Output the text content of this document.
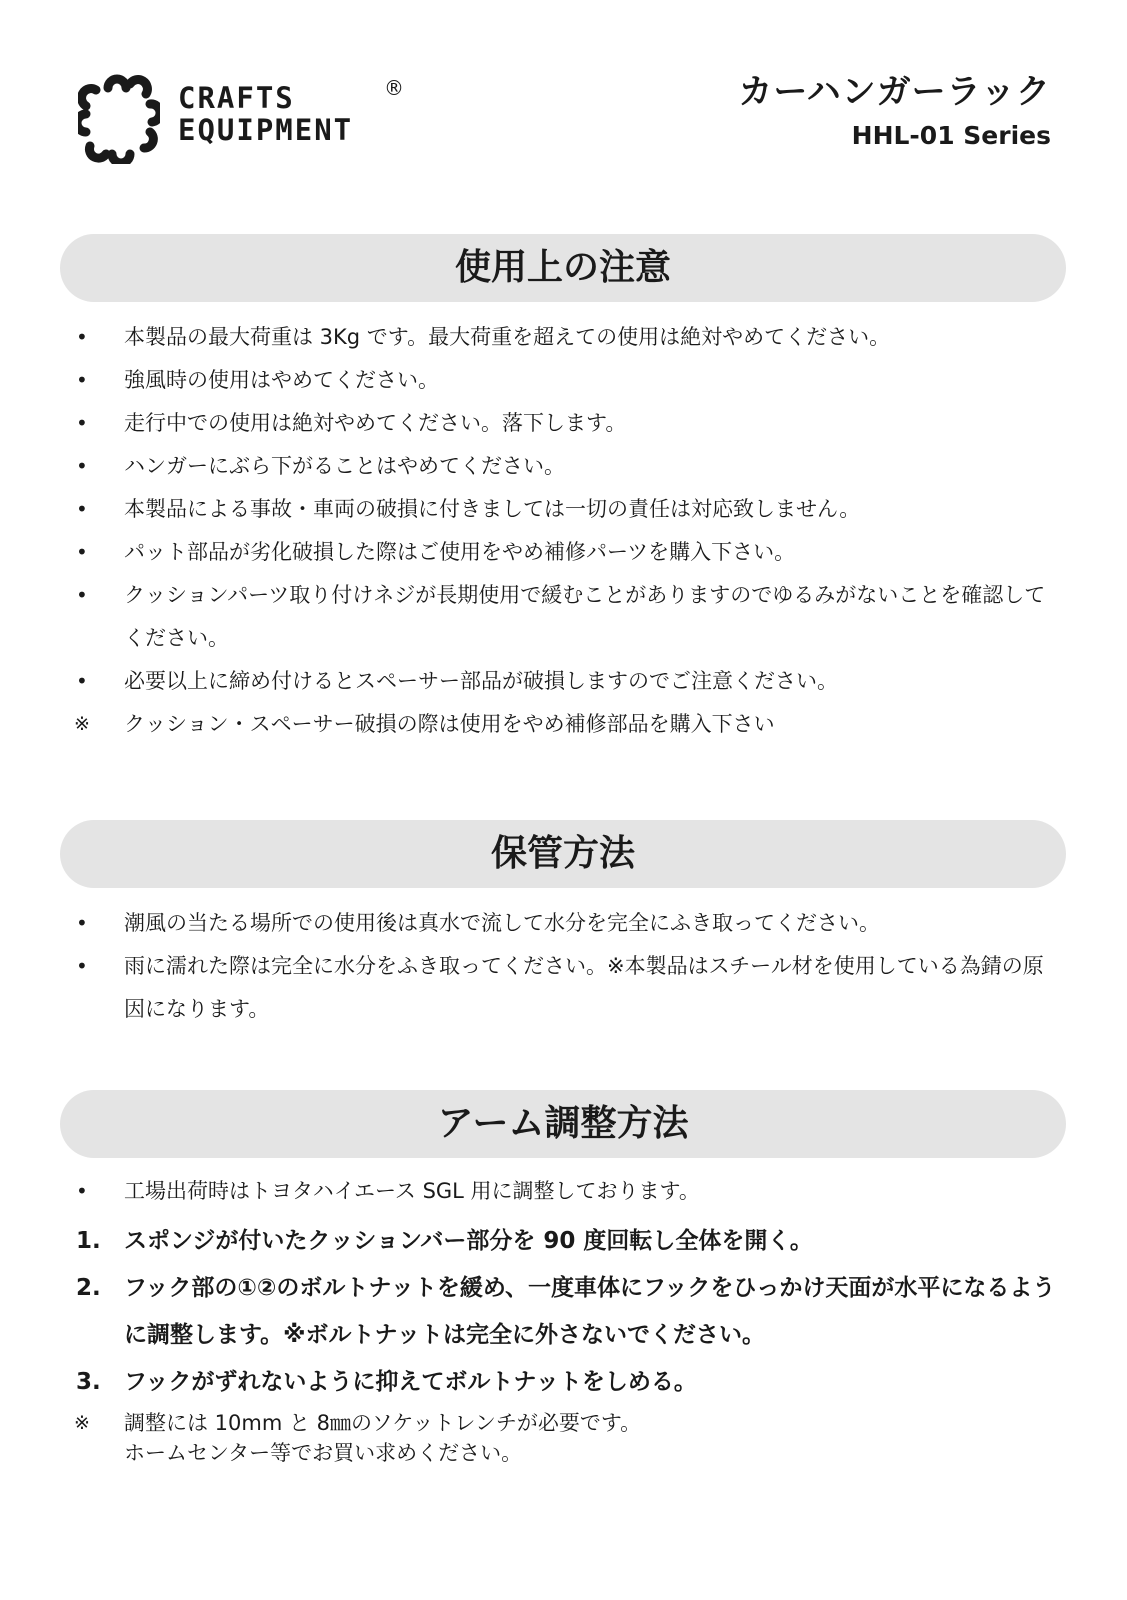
CRAFTS
EQUIPMENT
®	カーハンガーラック
HHL-01 Series
使用上の注意
•	本製品の最大荷重は 3Kg です。最大荷重を超えての使用は絶対やめてください。
•	強風時の使用はやめてください。
•	走行中での使用は絶対やめてください。落下します。
•	ハンガーにぶら下がることはやめてください。
•	本製品による事故・車両の破損に付きましては一切の責任は対応致しません。
•	パット部品が劣化破損した際はご使用をやめ補修パーツを購入下さい。
•	クッションパーツ取り付けネジが長期使用で緩むことがありますのでゆるみがないことを確認してください。
•	必要以上に締め付けるとスペーサー部品が破損しますのでご注意ください。
※	クッション・スペーサー破損の際は使用をやめ補修部品を購入下さい
保管方法
•	潮風の当たる場所での使用後は真水で流して水分を完全にふき取ってください。
•	雨に濡れた際は完全に水分をふき取ってください。※本製品はスチール材を使用している為錆の原因になります。
アーム調整方法
•	工場出荷時はトヨタハイエース SGL 用に調整しております。
1. スポンジが付いたクッションバー部分を 90 度回転し全体を開く。
2. フック部の①②のボルトナットを緩め、一度車体にフックをひっかけ天面が水平になるように調整します。※ボルトナットは完全に外さないでください。
3. フックがずれないように抑えてボルトナットをしめる。
※	調整には 10mm と 8㎜のソケットレンチが必要です。
ホームセンター等でお買い求めください。
